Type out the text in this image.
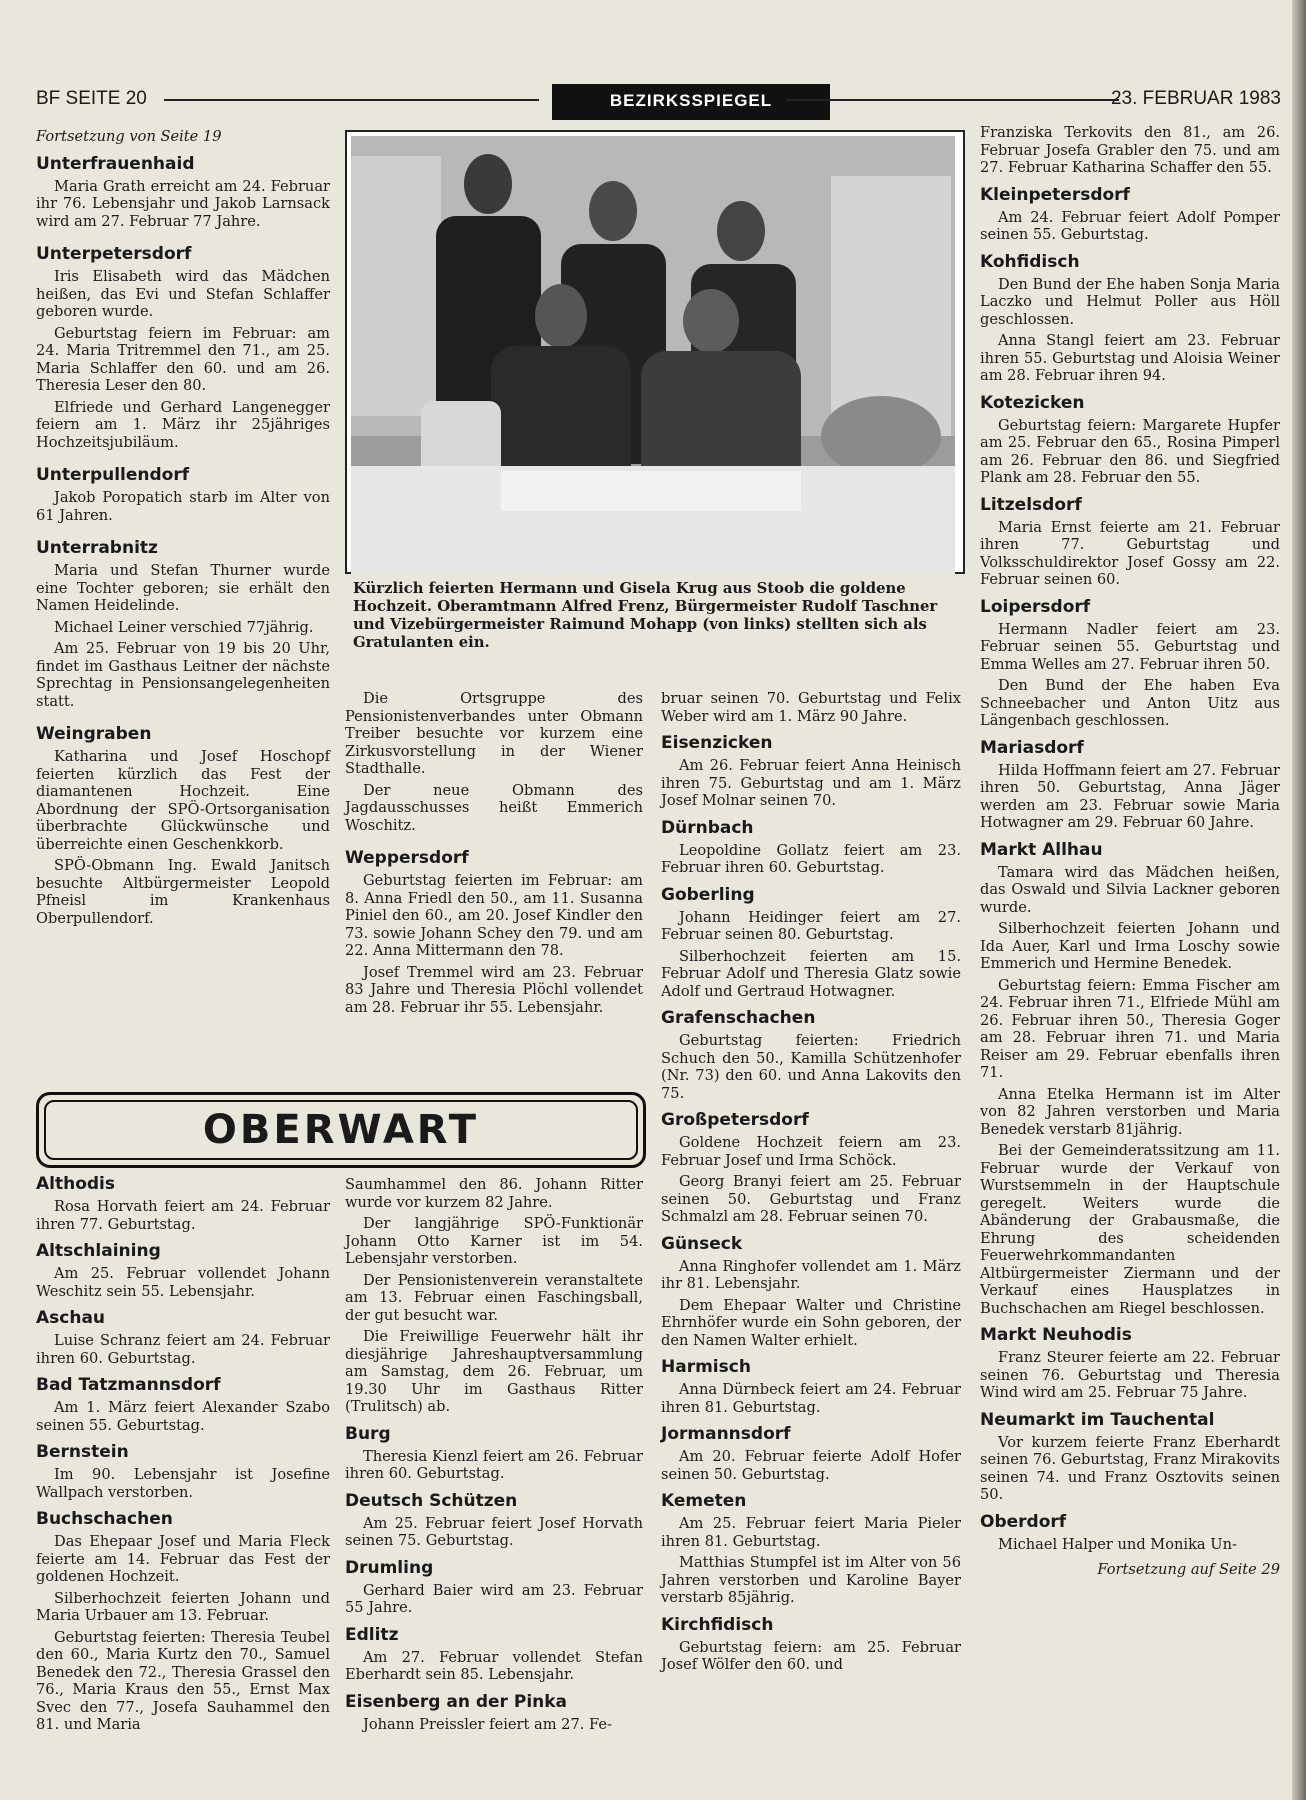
BF SEITE 20	BEZIRKSSPIEGEL	23. FEBRUAR 1983

Fortsetzung von Seite 19

Unterfrauenhaid

Maria Grath erreicht am 24. Februar ihr 76. Lebensjahr und Jakob Larnsack wird am 27. Februar 77 Jahre.

Unterpetersdorf

Iris Elisabeth wird das Mädchen heißen, das Evi und Stefan Schlaffer geboren wurde.

Geburtstag feiern im Februar: am 24. Maria Tritremmel den 71., am 25. Maria Schlaffer den 60. und am 26. Theresia Leser den 80.

Elfriede und Gerhard Langenegger feiern am 1. März ihr 25jähriges Hochzeitsjubiläum.

Unterpullendorf

Jakob Poropatich starb im Alter von 61 Jahren.

Unterrabnitz

Maria und Stefan Thurner wurde eine Tochter geboren; sie erhält den Namen Heidelinde.

Michael Leiner verschied 77jährig.

Am 25. Februar von 19 bis 20 Uhr, findet im Gasthaus Leitner der nächste Sprechtag in Pensionsangelegenheiten statt.

Weingraben

Katharina und Josef Hoschopf feierten kürzlich das Fest der diamantenen Hochzeit. Eine Abordnung der SPÖ-Ortsorganisation überbrachte Glückwünsche und überreichte einen Geschenkkorb.

SPÖ-Obmann Ing. Ewald Janitsch besuchte Altbürgermeister Leopold Pfneisl im Krankenhaus Oberpullendorf.

Kürzlich feierten Hermann und Gisela Krug aus Stoob die goldene Hochzeit. Oberamtmann Alfred Frenz, Bürgermeister Rudolf Taschner und Vizebürgermeister Raimund Mohapp (von links) stellten sich als Gratulanten ein.

Die Ortsgruppe des Pensionistenverbandes unter Obmann Treiber besuchte vor kurzem eine Zirkusvorstellung in der Wiener Stadthalle.

Der neue Obmann des Jagdausschusses heißt Emmerich Woschitz.

Weppersdorf

Geburtstag feierten im Februar: am 8. Anna Friedl den 50., am 11. Susanna Piniel den 60., am 20. Josef Kindler den 73. sowie Johann Schey den 79. und am 22. Anna Mittermann den 78.

Josef Tremmel wird am 23. Februar 83 Jahre und Theresia Plöchl vollendet am 28. Februar ihr 55. Lebensjahr.

bruar seinen 70. Geburtstag und Felix Weber wird am 1. März 90 Jahre.

Eisenzicken

Am 26. Februar feiert Anna Heinisch ihren 75. Geburtstag und am 1. März Josef Molnar seinen 70.

Dürnbach

Leopoldine Gollatz feiert am 23. Februar ihren 60. Geburtstag.

Goberling

Johann Heidinger feiert am 27. Februar seinen 80. Geburtstag.

Silberhochzeit feierten am 15. Februar Adolf und Theresia Glatz sowie Adolf und Gertraud Hotwagner.

Grafenschachen

Geburtstag feierten: Friedrich Schuch den 50., Kamilla Schützenhofer (Nr. 73) den 60. und Anna Lakovits den 75.

Großpetersdorf

Goldene Hochzeit feiern am 23. Februar Josef und Irma Schöck.

Georg Branyi feiert am 25. Februar seinen 50. Geburtstag und Franz Schmalzl am 28. Februar seinen 70.

Günseck

Anna Ringhofer vollendet am 1. März ihr 81. Lebensjahr.

Dem Ehepaar Walter und Christine Ehrnhöfer wurde ein Sohn geboren, der den Namen Walter erhielt.

Harmisch

Anna Dürnbeck feiert am 24. Februar ihren 81. Geburtstag.

Jormannsdorf

Am 20. Februar feierte Adolf Hofer seinen 50. Geburtstag.

Kemeten

Am 25. Februar feiert Maria Pieler ihren 81. Geburtstag.

Matthias Stumpfel ist im Alter von 56 Jahren verstorben und Karoline Bayer verstarb 85jährig.

Kirchfidisch

Geburtstag feiern: am 25. Februar Josef Wölfer den 60. und

Franziska Terkovits den 81., am 26. Februar Josefa Grabler den 75. und am 27. Februar Katharina Schaffer den 55.

Kleinpetersdorf

Am 24. Februar feiert Adolf Pomper seinen 55. Geburtstag.

Kohfidisch

Den Bund der Ehe haben Sonja Maria Laczko und Helmut Poller aus Höll geschlossen.

Anna Stangl feiert am 23. Februar ihren 55. Geburtstag und Aloisia Weiner am 28. Februar ihren 94.

Kotezicken

Geburtstag feiern: Margarete Hupfer am 25. Februar den 65., Rosina Pimperl am 26. Februar den 86. und Siegfried Plank am 28. Februar den 55.

Litzelsdorf

Maria Ernst feierte am 21. Februar ihren 77. Geburtstag und Volksschuldirektor Josef Gossy am 22. Februar seinen 60.

Loipersdorf

Hermann Nadler feiert am 23. Februar seinen 55. Geburtstag und Emma Welles am 27. Februar ihren 50.

Den Bund der Ehe haben Eva Schneebacher und Anton Uitz aus Längenbach geschlossen.

Mariasdorf

Hilda Hoffmann feiert am 27. Februar ihren 50. Geburtstag, Anna Jäger werden am 23. Februar sowie Maria Hotwagner am 29. Februar 60 Jahre.

Markt Allhau

Tamara wird das Mädchen heißen, das Oswald und Silvia Lackner geboren wurde.

Silberhochzeit feierten Johann und Ida Auer, Karl und Irma Loschy sowie Emmerich und Hermine Benedek.

Geburtstag feiern: Emma Fischer am 24. Februar ihren 71., Elfriede Mühl am 26. Februar ihren 50., Theresia Goger am 28. Februar ihren 71. und Maria Reiser am 29. Februar ebenfalls ihren 71.

Anna Etelka Hermann ist im Alter von 82 Jahren verstorben und Maria Benedek verstarb 81jährig.

Bei der Gemeinderatssitzung am 11. Februar wurde der Verkauf von Wurstsemmeln in der Hauptschule geregelt. Weiters wurde die Abänderung der Grabausmaße, die Ehrung des scheidenden Feuerwehrkommandanten Altbürgermeister Ziermann und der Verkauf eines Hausplatzes in Buchschachen am Riegel beschlossen.

Markt Neuhodis

Franz Steurer feierte am 22. Februar seinen 76. Geburtstag und Theresia Wind wird am 25. Februar 75 Jahre.

Neumarkt im Tauchental

Vor kurzem feierte Franz Eberhardt seinen 76. Geburtstag, Franz Mirakovits seinen 74. und Franz Osztovits seinen 50.

Oberdorf

Michael Halper und Monika Un-

Fortsetzung auf Seite 29

OBERWART
Althodis

Rosa Horvath feiert am 24. Februar ihren 77. Geburtstag.

Altschlaining

Am 25. Februar vollendet Johann Weschitz sein 55. Lebensjahr.

Aschau

Luise Schranz feiert am 24. Februar ihren 60. Geburtstag.

Bad Tatzmannsdorf

Am 1. März feiert Alexander Szabo seinen 55. Geburtstag.

Bernstein

Im 90. Lebensjahr ist Josefine Wallpach verstorben.

Buchschachen

Das Ehepaar Josef und Maria Fleck feierte am 14. Februar das Fest der goldenen Hochzeit.

Silberhochzeit feierten Johann und Maria Urbauer am 13. Februar.

Geburtstag feierten: Theresia Teubel den 60., Maria Kurtz den 70., Samuel Benedek den 72., Theresia Grassel den 76., Maria Kraus den 55., Ernst Max Svec den 77., Josefa Sauhammel den 81. und Maria

Saumhammel den 86. Johann Ritter wurde vor kurzem 82 Jahre.

Der langjährige SPÖ-Funktionär Johann Otto Karner ist im 54. Lebensjahr verstorben.

Der Pensionistenverein veranstaltete am 13. Februar einen Faschingsball, der gut besucht war.

Die Freiwillige Feuerwehr hält ihr diesjährige Jahreshauptversammlung am Samstag, dem 26. Februar, um 19.30 Uhr im Gasthaus Ritter (Trulitsch) ab.

Burg

Theresia Kienzl feiert am 26. Februar ihren 60. Geburtstag.

Deutsch Schützen

Am 25. Februar feiert Josef Horvath seinen 75. Geburtstag.

Drumling

Gerhard Baier wird am 23. Februar 55 Jahre.

Edlitz

Am 27. Februar vollendet Stefan Eberhardt sein 85. Lebensjahr.

Eisenberg an der Pinka

Johann Preissler feiert am 27. Fe-
